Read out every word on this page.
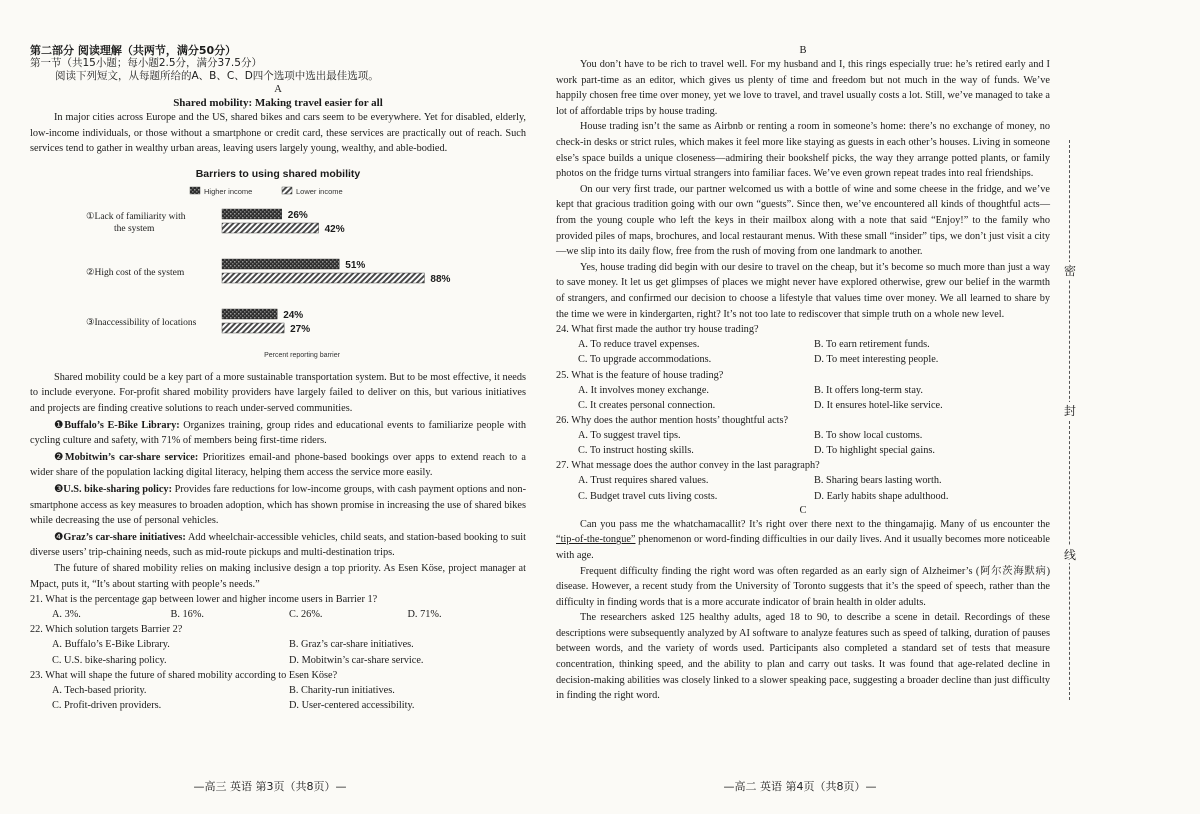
第二部分 阅读理解（共两节，满分50分）

第一节（共15小题；每小题2.5分，满分37.5分）

阅读下列短文，从每题所给的A、B、C、D四个选项中选出最佳选项。

A

Shared mobility: Making travel easier for all

In major cities across Europe and the US, shared bikes and cars seem to be everywhere. Yet for disabled, elderly, low-income individuals, or those without a smartphone or credit card, these services are practically out of reach. Such services tend to gather in wealthy urban areas, leaving users largely young, wealthy, and able-bodied.

Barriers to using shared mobility
Higher income	Lower income
①Lack of familiarity with
the system
26%
42%
②High cost of the system
51%
88%
③Inaccessibility of locations
24%
27%
Percent reporting barrier

Shared mobility could be a key part of a more sustainable transportation system. But to be most effective, it needs to include everyone. For-profit shared mobility providers have largely failed to deliver on this, but various initiatives and projects are finding creative solutions to reach under-served communities.

❶Buffalo’s E-Bike Library: Organizes training, group rides and educational events to familiarize people with cycling culture and safety, with 71% of members being first-time riders.

❷Mobitwin’s car-share service: Prioritizes email-and phone-based bookings over apps to extend reach to a wider share of the population lacking digital literacy, helping them access the service more easily.

❸U.S. bike-sharing policy: Provides fare reductions for low-income groups, with cash payment options and non-smartphone access as key measures to broaden adoption, which has shown promise in increasing the use of shared bikes while decreasing the use of personal vehicles.

❹Graz’s car-share initiatives: Add wheelchair-accessible vehicles, child seats, and station-based booking to suit diverse users’ trip-chaining needs, such as mid-route pickups and multi-destination trips.

The future of shared mobility relies on making inclusive design a top priority. As Esen Köse, project manager at Mpact, puts it, “It’s about starting with people’s needs.”

21. What is the percentage gap between lower and higher income users in Barrier 1?

A. 3%.	B. 16%.	C. 26%.	D. 71%.

22. Which solution targets Barrier 2?

A. Buffalo’s E-Bike Library.	B. Graz’s car-share initiatives.
C. U.S. bike-sharing policy.	D. Mobitwin’s car-share service.

23. What will shape the future of shared mobility according to Esen Köse?

A. Tech-based priority.	B. Charity-run initiatives.
C. Profit-driven providers.	D. User-centered accessibility.
—高三 英语 第3页（共8页）—

B

You don’t have to be rich to travel well. For my husband and I, this rings especially true: he’s retired early and I work part-time as an editor, which gives us plenty of time and freedom but not much in the way of funds. We’ve happily chosen free time over money, yet we love to travel, and travel usually costs a lot. Still, we’ve managed to take a lot of affordable trips by house trading.

House trading isn’t the same as Airbnb or renting a room in someone’s home: there’s no exchange of money, no check-in desks or strict rules, which makes it feel more like staying as guests in each other’s houses. Living in someone else’s space builds a unique closeness—admiring their bookshelf picks, the way they arrange potted plants, or family photos on the fridge turns virtual strangers into familiar faces. We’ve even grown repeat trades into real friendships.

On our very first trade, our partner welcomed us with a bottle of wine and some cheese in the fridge, and we’ve kept that gracious tradition going with our own “guests”. Since then, we’ve encountered all kinds of thoughtful acts—from the young couple who left the keys in their mailbox along with a note that said “Enjoy!” to the family who provided piles of maps, brochures, and local restaurant menus. With these small “insider” tips, we don’t just visit a city—we slip into its daily flow, free from the rush of moving from one landmark to another.

Yes, house trading did begin with our desire to travel on the cheap, but it’s become so much more than just a way to save money. It let us get glimpses of places we might never have explored otherwise, grew our belief in the warmth of strangers, and confirmed our decision to choose a lifestyle that values time over money. We all learned to share by the time we were in kindergarten, right? It’s not too late to rediscover that simple truth on a whole new level.

24. What first made the author try house trading?

A. To reduce travel expenses.	B. To earn retirement funds.
C. To upgrade accommodations.	D. To meet interesting people.

25. What is the feature of house trading?

A. It involves money exchange.	B. It offers long-term stay.
C. It creates personal connection.	D. It ensures hotel-like service.

26. Why does the author mention hosts’ thoughtful acts?

A. To suggest travel tips.	B. To show local customs.
C. To instruct hosting skills.	D. To highlight special gains.

27. What message does the author convey in the last paragraph?

A. Trust requires shared values.	B. Sharing bears lasting worth.
C. Budget travel cuts living costs.	D. Early habits shape adulthood.

C

Can you pass me the whatchamacallit? It’s right over there next to the thingamajig. Many of us encounter the “tip-of-the-tongue” phenomenon or word-finding difficulties in our daily lives. And it usually becomes more noticeable with age.

Frequent difficulty finding the right word was often regarded as an early sign of Alzheimer’s (阿尔茨海默病) disease. However, a recent study from the University of Toronto suggests that it’s the speed of speech, rather than the difficulty in finding words that is a more accurate indicator of brain health in older adults.

The researchers asked 125 healthy adults, aged 18 to 90, to describe a scene in detail. Recordings of these descriptions were subsequently analyzed by AI software to analyze features such as speed of talking, duration of pauses between words, and the variety of words used. Participants also completed a standard set of tests that measure concentration, thinking speed, and the ability to plan and carry out tasks. It was found that age-related decline in decision-making abilities was closely linked to a slower speaking pace, suggesting a broader decline than just difficulty in finding the right word.

—高二 英语 第4页（共8页）—
密
封
线
